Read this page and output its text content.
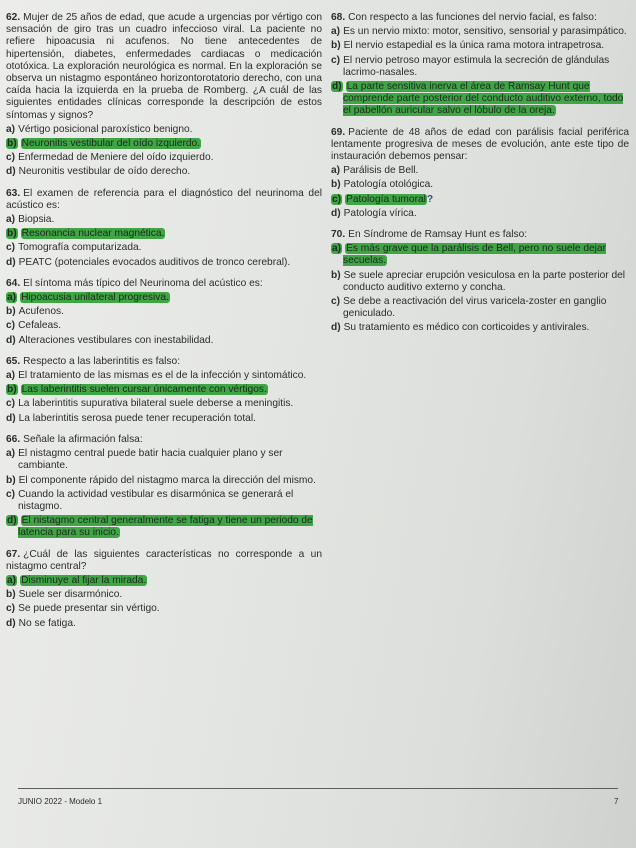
62. Mujer de 25 años de edad, que acude a urgencias por vértigo con sensación de giro tras un cuadro infeccioso viral. La paciente no refiere hipoacusia ni acufenos. No tiene antecedentes de hipertensión, diabetes, enfermedades cardiacas o medicación ototóxica. La exploración neurológica es normal. En la exploración se observa un nistagmo espontáneo horizontorotatorio derecho, con una caída hacia la izquierda en la prueba de Romberg. ¿A cuál de las siguientes entidades clínicas corresponde la descripción de estos síntomas y signos?
a) Vértigo posicional paroxístico benigno.
b) Neuronitis vestibular del oído izquierdo.
c) Enfermedad de Meniere del oído izquierdo.
d) Neuronitis vestibular de oído derecho.
63. El examen de referencia para el diagnóstico del neurinoma del acústico es:
a) Biopsia.
b) Resonancia nuclear magnética.
c) Tomografía computarizada.
d) PEATC (potenciales evocados auditivos de tronco cerebral).
64. El síntoma más típico del Neurinoma del acústico es:
a) Hipoacusia unilateral progresiva.
b) Acufenos.
c) Cefaleas.
d) Alteraciones vestibulares con inestabilidad.
65. Respecto a las laberintitis es falso:
a) El tratamiento de las mismas es el de la infección y sintomático.
b) Las laberintitis suelen cursar únicamente con vértigos.
c) La laberintitis supurativa bilateral suele deberse a meningitis.
d) La laberintitis serosa puede tener recuperación total.
66. Señale la afirmación falsa:
a) El nistagmo central puede batir hacia cualquier plano y ser cambiante.
b) El componente rápido del nistagmo marca la dirección del mismo.
c) Cuando la actividad vestibular es disarmónica se generará el nistagmo.
d) El nistagmo central generalmente se fatiga y tiene un periodo de latencia para su inicio.
67. ¿Cuál de las siguientes características no corresponde a un nistagmo central?
a) Disminuye al fijar la mirada.
b) Suele ser disarmónico.
c) Se puede presentar sin vértigo.
d) No se fatiga.
68. Con respecto a las funciones del nervio facial, es falso:
a) Es un nervio mixto: motor, sensitivo, sensorial y parasimpático.
b) El nervio estapedial es la única rama motora intrapetrosa.
c) El nervio petroso mayor estimula la secreción de glándulas lacrimo-nasales.
d) La parte sensitiva inerva el área de Ramsay Hunt que comprende parte posterior del conducto auditivo externo, todo el pabellón auricular salvo el lóbulo de la oreja.
69. Paciente de 48 años de edad con parálisis facial periférica lentamente progresiva de meses de evolución, ante este tipo de instauración debemos pensar:
a) Parálisis de Bell.
b) Patología otológica.
c) Patología tumoral?
d) Patología vírica.
70. En Síndrome de Ramsay Hunt es falso:
a) Es más grave que la parálisis de Bell, pero no suele dejar secuelas.
b) Se suele apreciar erupción vesiculosa en la parte posterior del conducto auditivo externo y concha.
c) Se debe a reactivación del virus varicela-zoster en ganglio geniculado.
d) Su tratamiento es médico con corticoides y antivirales.
JUNIO 2022 - Modelo 1	7
